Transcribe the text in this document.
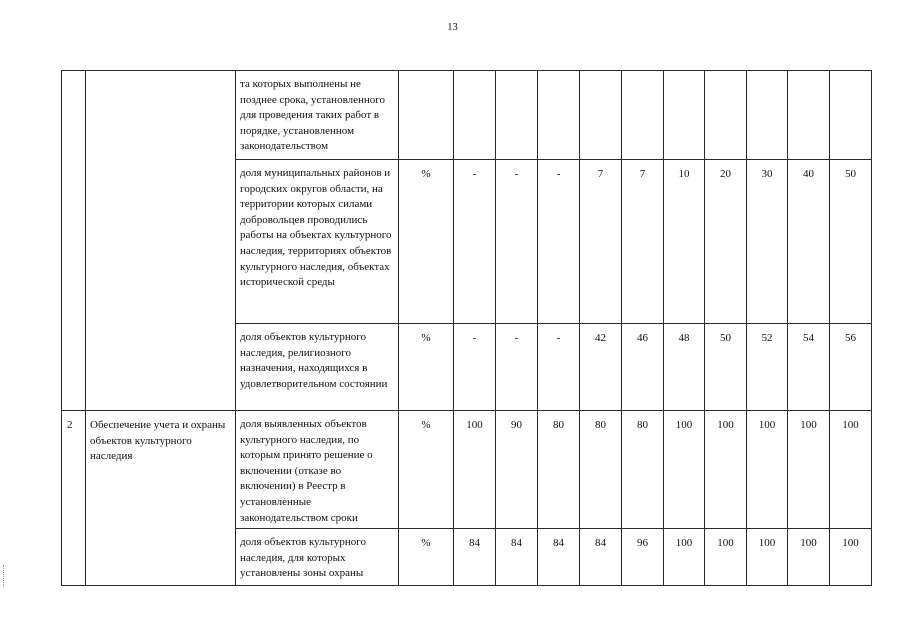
13
		та которых выполнены не позднее срока, установленного для проведения таких работ в порядке, установленном законодательством											
		доля муниципальных районов и городских округов области, на территории которых силами добровольцев проводились работы на объектах культурного наследия, территориях объектов культурного наследия, объектах исторической среды	%	-	-	-	7	7	10	20	30	40	50
		доля объектов культурного наследия, религиозного назначения, находящихся в удовлетворительном состоянии	%	-	-	-	42	46	48	50	52	54	56
2	Обеспечение учета и охраны объектов культурного наследия	доля выявленных объектов культурного наследия, по которым принято решение о включении (отказе во включении) в Реестр в установленные законодательством сроки	%	100	90	80	80	80	100	100	100	100	100
		доля объектов культурного наследия, для которых установлены зоны охраны	%	84	84	84	84	96	100	100	100	100	100
